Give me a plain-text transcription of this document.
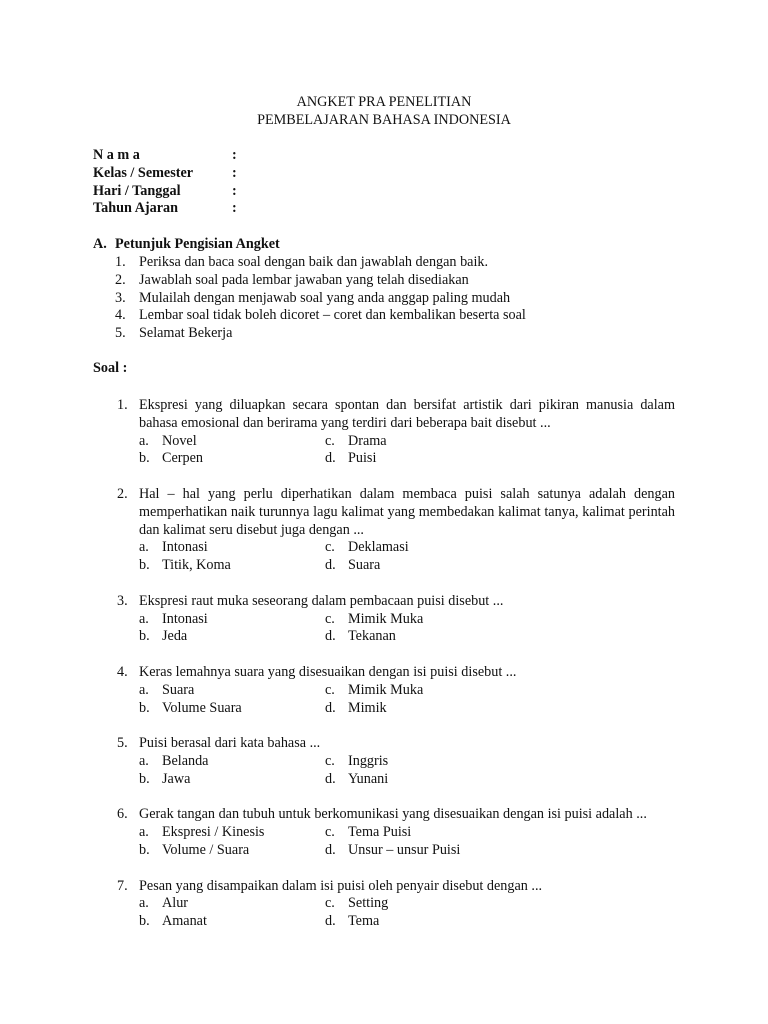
ANGKET PRA PENELITIAN
PEMBELAJARAN BAHASA INDONESIA
N a m a	:
Kelas / Semester	:
Hari / Tanggal	:
Tahun Ajaran	:
A. Petunjuk Pengisian Angket
1. Periksa dan baca soal dengan baik dan jawablah dengan baik.
2. Jawablah soal pada lembar jawaban yang telah disediakan
3. Mulailah dengan menjawab soal yang anda anggap paling mudah
4. Lembar soal tidak boleh dicoret – coret dan kembalikan beserta soal
5. Selamat Bekerja
Soal :
1. Ekspresi yang diluapkan secara spontan dan bersifat artistik dari pikiran manusia dalam bahasa emosional dan berirama yang terdiri dari beberapa bait disebut ...
a. Novel	c. Drama
b. Cerpen	d. Puisi
2. Hal – hal yang perlu diperhatikan dalam membaca puisi salah satunya adalah dengan memperhatikan naik turunnya lagu kalimat yang membedakan kalimat tanya, kalimat perintah dan kalimat seru disebut juga dengan ...
a. Intonasi	c. Deklamasi
b. Titik, Koma	d. Suara
3. Ekspresi raut muka seseorang dalam pembacaan puisi disebut ...
a. Intonasi	c. Mimik Muka
b. Jeda	d. Tekanan
4. Keras lemahnya suara yang disesuaikan dengan isi puisi disebut ...
a. Suara	c. Mimik Muka
b. Volume Suara	d. Mimik
5. Puisi berasal dari kata bahasa ...
a. Belanda	c. Inggris
b. Jawa	d. Yunani
6. Gerak tangan dan tubuh untuk berkomunikasi yang disesuaikan dengan isi puisi adalah ...
a. Ekspresi / Kinesis	c. Tema Puisi
b. Volume / Suara	d. Unsur – unsur Puisi
7. Pesan yang disampaikan dalam isi puisi oleh penyair disebut dengan ...
a. Alur	c. Setting
b. Amanat	d. Tema
